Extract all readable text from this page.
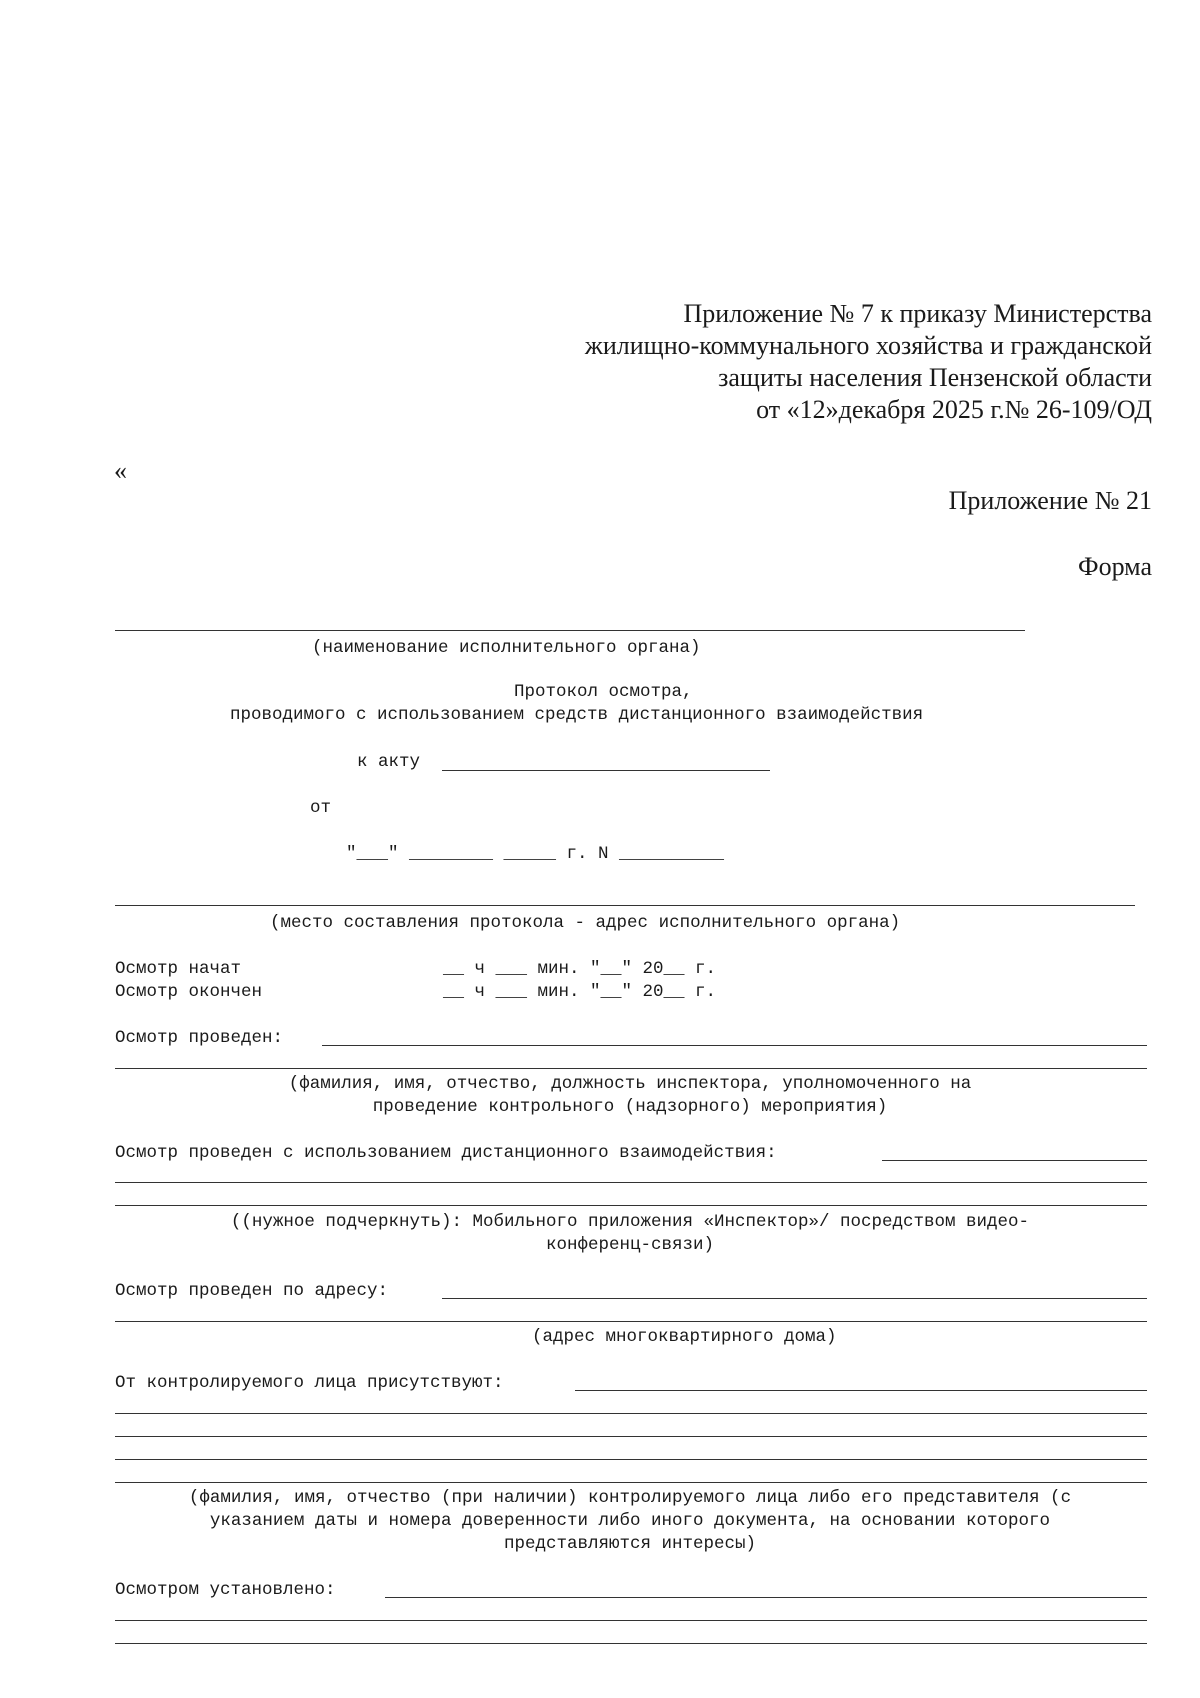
Приложение № 7 к приказу Министерства
жилищно-коммунального хозяйства и гражданской
защиты населения Пензенской области
от «12»декабря 2025 г.№ 26-109/ОД
«
Приложение № 21
Форма
(наименование исполнительного органа)
Протокол осмотра,
проводимого с использованием средств дистанционного взаимодействия
к акту
от
"___" ________ _____ г. N __________
(место составления протокола - адрес исполнительного органа)
Осмотр начат	__ ч ___ мин. "__" 20__ г.
Осмотр окончен	__ ч ___ мин. "__" 20__ г.
Осмотр проведен:
(фамилия, имя, отчество, должность инспектора, уполномоченного на
проведение контрольного (надзорного) мероприятия)
Осмотр проведен с использованием дистанционного взаимодействия:
((нужное подчеркнуть): Мобильного приложения «Инспектор»/ посредством видео-
конференц-связи)
Осмотр проведен по адресу:
(адрес многоквартирного дома)
От контролируемого лица присутствуют:
(фамилия, имя, отчество (при наличии) контролируемого лица либо его представителя (с
указанием даты и номера доверенности либо иного документа, на основании которого
представляются интересы)
Осмотром установлено:
